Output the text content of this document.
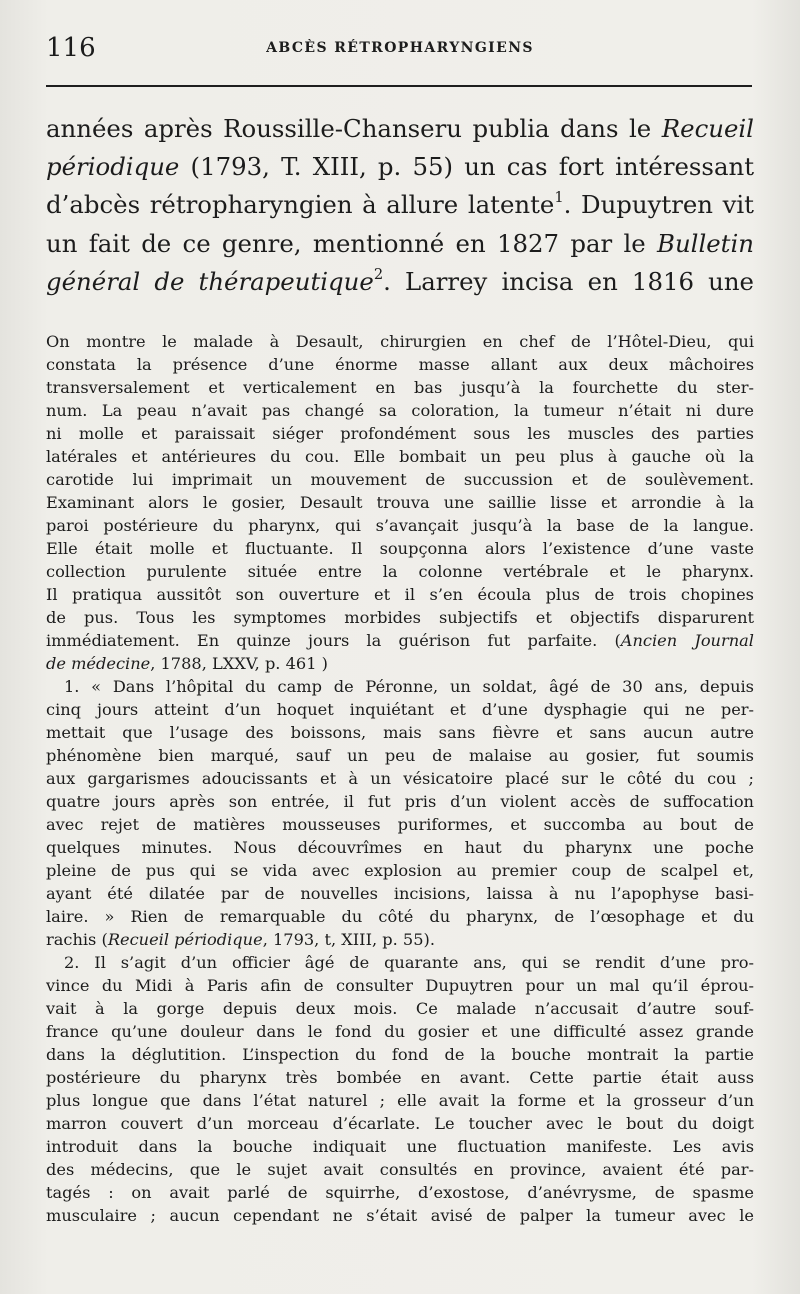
116	ABCÈS RÉTROPHARYNGIENS
années après Roussille-Chanseru publia dans le Recueil
périodique (1793, T. XIII, p. 55) un cas fort intéressant
d’abcès rétropharyngien à allure latente$^1$. Dupuytren vit
un fait de ce genre, mentionné en 1827 par le Bulletin
général de thérapeutique$^2$. Larrey incisa en 1816 une
On montre le malade à Desault, chirurgien en chef de l’Hôtel-Dieu, qui
constata la présence d’une énorme masse allant aux deux mâchoires
transversalement et verticalement en bas jusqu’à la fourchette du ster-
num. La peau n’avait pas changé sa coloration, la tumeur n’était ni dure
ni molle et paraissait siéger profondément sous les muscles des parties
latérales et antérieures du cou. Elle bombait un peu plus à gauche où la
carotide lui imprimait un mouvement de succussion et de soulèvement.
Examinant alors le gosier, Desault trouva une saillie lisse et arrondie à la
paroi postérieure du pharynx, qui s’avançait jusqu’à la base de la langue.
Elle était molle et fluctuante. Il soupçonna alors l’existence d’une vaste
collection purulente située entre la colonne vertébrale et le pharynx.
Il pratiqua aussitôt son ouverture et il s’en écoula plus de trois chopines
de pus. Tous les symptomes morbides subjectifs et objectifs disparurent
immédiatement. En quinze jours la guérison fut parfaite. (Ancien Journal
de médecine, 1788, LXXV, p. 461 )
1. « Dans l’hôpital du camp de Péronne, un soldat, âgé de 30 ans, depuis
cinq jours atteint d’un hoquet inquiétant et d’une dysphagie qui ne per-
mettait que l’usage des boissons, mais sans fièvre et sans aucun autre
phénomène bien marqué, sauf un peu de malaise au gosier, fut soumis
aux gargarismes adoucissants et à un vésicatoire placé sur le côté du cou ;
quatre jours après son entrée, il fut pris d’un violent accès de suffocation
avec rejet de matières mousseuses puriformes, et succomba au bout de
quelques minutes. Nous découvrîmes en haut du pharynx une poche
pleine de pus qui se vida avec explosion au premier coup de scalpel et,
ayant été dilatée par de nouvelles incisions, laissa à nu l’apophyse basi-
laire. » Rien de remarquable du côté du pharynx, de l’œsophage et du
rachis (Recueil périodique, 1793, t, XIII, p. 55).
2. Il s’agit d’un officier âgé de quarante ans, qui se rendit d’une pro-
vince du Midi à Paris afin de consulter Dupuytren pour un mal qu’il éprou-
vait à la gorge depuis deux mois. Ce malade n’accusait d’autre souf-
france qu’une douleur dans le fond du gosier et une difficulté assez grande
dans la déglutition. L’inspection du fond de la bouche montrait la partie
postérieure du pharynx très bombée en avant. Cette partie était auss
plus longue que dans l’état naturel ; elle avait la forme et la grosseur d’un
marron couvert d’un morceau d’écarlate. Le toucher avec le bout du doigt
introduit dans la bouche indiquait une fluctuation manifeste. Les avis
des médecins, que le sujet avait consultés en province, avaient été par-
tagés : on avait parlé de squirrhe, d’exostose, d’anévrysme, de spasme
musculaire ; aucun cependant ne s’était avisé de palper la tumeur avec le
